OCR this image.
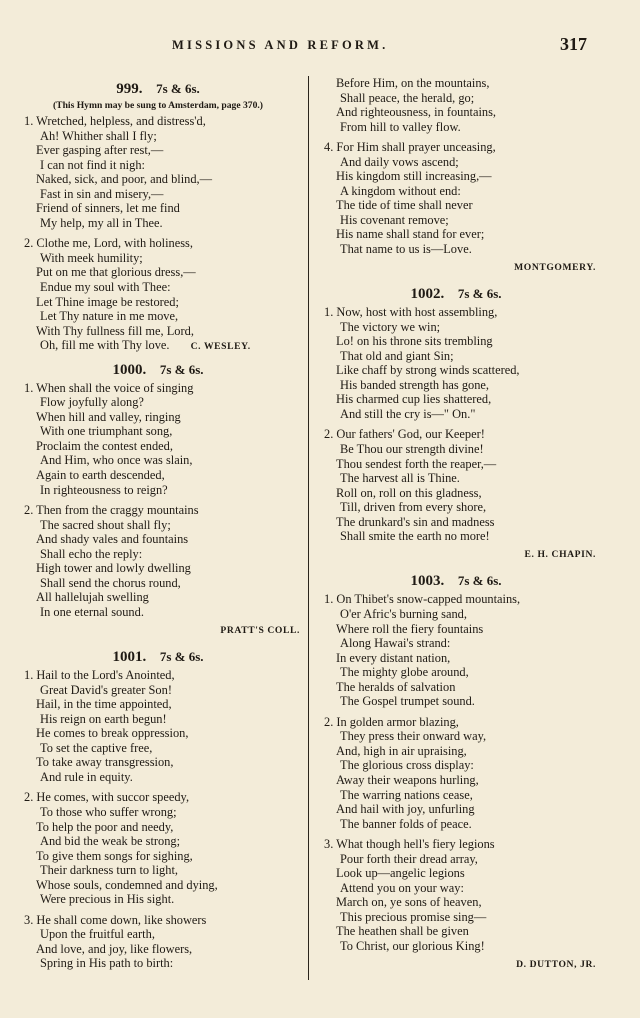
MISSIONS AND REFORM.	317
999. 7s & 6s.
(This Hymn may be sung to Amsterdam, page 370.)
1. Wretched, helpless, and distress'd,
Ah! Whither shall I fly;
Ever gasping after rest,—
I can not find it nigh:
Naked, sick, and poor, and blind,—
Fast in sin and misery,—
Friend of sinners, let me find
My help, my all in Thee.
2. Clothe me, Lord, with holiness,
With meek humility;
Put on me that glorious dress,—
Endue my soul with Thee:
Let Thine image be restored;
Let Thy nature in me move,
With Thy fullness fill me, Lord,
Oh, fill me with Thy love. C. WESLEY.
1000. 7s & 6s.
1. When shall the voice of singing
Flow joyfully along?
When hill and valley, ringing
With one triumphant song,
Proclaim the contest ended,
And Him, who once was slain,
Again to earth descended,
In righteousness to reign?
2. Then from the craggy mountains
The sacred shout shall fly;
And shady vales and fountains
Shall echo the reply:
High tower and lowly dwelling
Shall send the chorus round,
All hallelujah swelling
In one eternal sound.
PRATT'S COLL.
1001. 7s & 6s.
1. Hail to the Lord's Anointed,
Great David's greater Son!
Hail, in the time appointed,
His reign on earth begun!
He comes to break oppression,
To set the captive free,
To take away transgression,
And rule in equity.
2. He comes, with succor speedy,
To those who suffer wrong;
To help the poor and needy,
And bid the weak be strong;
To give them songs for sighing,
Their darkness turn to light,
Whose souls, condemned and dying,
Were precious in His sight.
3. He shall come down, like showers
Upon the fruitful earth,
And love, and joy, like flowers,
Spring in His path to birth:
Before Him, on the mountains,
Shall peace, the herald, go;
And righteousness, in fountains,
From hill to valley flow.
4. For Him shall prayer unceasing,
And daily vows ascend;
His kingdom still increasing,—
A kingdom without end:
The tide of time shall never
His covenant remove;
His name shall stand for ever;
That name to us is—Love.
MONTGOMERY.
1002. 7s & 6s.
1. Now, host with host assembling,
The victory we win;
Lo! on his throne sits trembling
That old and giant Sin;
Like chaff by strong winds scattered,
His banded strength has gone,
His charmed cup lies shattered,
And still the cry is—" On."
2. Our fathers' God, our Keeper!
Be Thou our strength divine!
Thou sendest forth the reaper,—
The harvest all is Thine.
Roll on, roll on this gladness,
Till, driven from every shore,
The drunkard's sin and madness
Shall smite the earth no more!
E. H. CHAPIN.
1003. 7s & 6s.
1. On Thibet's snow-capped mountains,
O'er Afric's burning sand,
Where roll the fiery fountains
Along Hawai's strand:
In every distant nation,
The mighty globe around,
The heralds of salvation
The Gospel trumpet sound.
2. In golden armor blazing,
They press their onward way,
And, high in air upraising,
The glorious cross display:
Away their weapons hurling,
The warring nations cease,
And hail with joy, unfurling
The banner folds of peace.
3. What though hell's fiery legions
Pour forth their dread array,
Look up—angelic legions
Attend you on your way:
March on, ye sons of heaven,
This precious promise sing—
The heathen shall be given
To Christ, our glorious King!
D. DUTTON, JR.
